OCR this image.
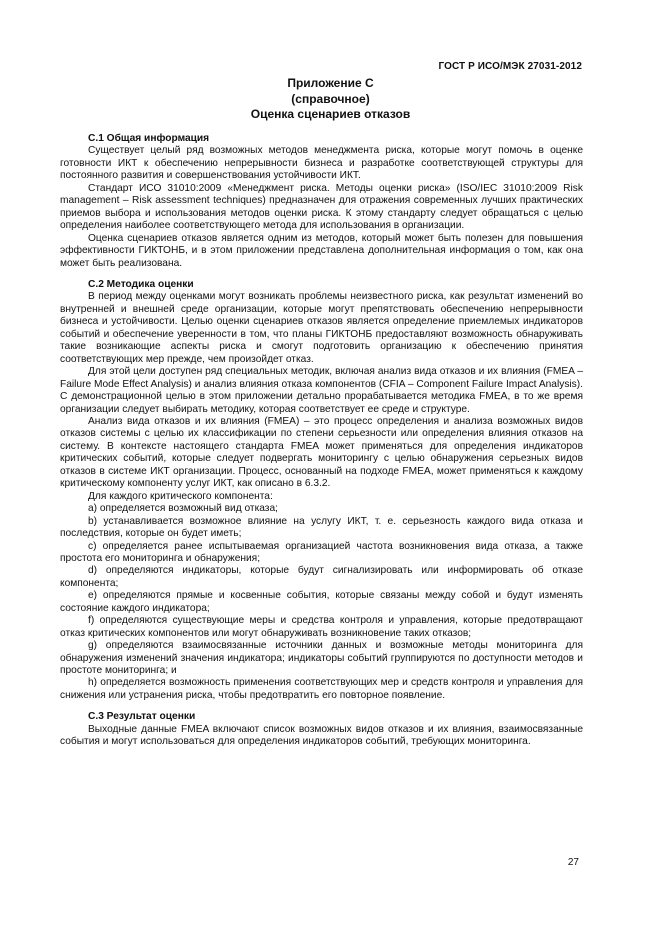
ГОСТ Р ИСО/МЭК 27031-2012
Приложение С
(справочное)
Оценка сценариев отказов
С.1 Общая информация

Существует целый ряд возможных методов менеджмента риска, которые могут помочь в оценке готовности ИКТ к обеспечению непрерывности бизнеса и разработке соответствующей структуры для постоянного развития и совершенствования устойчивости ИКТ.

Стандарт ИСО 31010:2009 «Менеджмент риска. Методы оценки риска» (ISO/IEC 31010:2009 Risk management – Risk assessment techniques) предназначен для отражения современных лучших практических приемов выбора и использования методов оценки риска. К этому стандарту следует обращаться с целью определения наиболее соответствующего метода для использования в организации.

Оценка сценариев отказов является одним из методов, который может быть полезен для повышения эффективности ГИКТОНБ, и в этом приложении представлена дополнительная информация о том, как она может быть реализована.

С.2 Методика оценки

В период между оценками могут возникать проблемы неизвестного риска, как результат изменений во внутренней и внешней среде организации, которые могут препятствовать обеспечению непрерывности бизнеса и устойчивости. Целью оценки сценариев отказов является определение приемлемых индикаторов событий и обеспечение уверенности в том, что планы ГИКТОНБ предоставляют возможность обнаруживать такие возникающие аспекты риска и смогут подготовить организацию к обеспечению принятия соответствующих мер прежде, чем произойдет отказ.

Для этой цели доступен ряд специальных методик, включая анализ вида отказов и их влияния (FMEA – Failure Mode Effect Analysis) и анализ влияния отказа компонентов (CFIA – Component Failure Impact Analysis). С демонстрационной целью в этом приложении детально прорабатывается методика FMEA, в то же время организации следует выбирать методику, которая соответствует ее среде и структуре.

Анализ вида отказов и их влияния (FMEA) – это процесс определения и анализа возможных видов отказов системы с целью их классификации по степени серьезности или определения влияния отказов на систему. В контексте настоящего стандарта FMEA может применяться для определения индикаторов критических событий, которые следует подвергать мониторингу с целью обнаружения серьезных видов отказов в системе ИКТ организации. Процесс, основанный на подходе FMEA, может применяться к каждому критическому компоненту услуг ИКТ, как описано в 6.3.2.

Для каждого критического компонента:

а) определяется возможный вид отказа;

b) устанавливается возможное влияние на услугу ИКТ, т. е. серьезность каждого вида отказа и последствия, которые он будет иметь;

c) определяется ранее испытываемая организацией частота возникновения вида отказа, а также простота его мониторинга и обнаружения;

d) определяются индикаторы, которые будут сигнализировать или информировать об отказе компонента;

e) определяются прямые и косвенные события, которые связаны между собой и будут изменять состояние каждого индикатора;

f) определяются существующие меры и средства контроля и управления, которые предотвращают отказ критических компонентов или могут обнаруживать возникновение таких отказов;

g) определяются взаимосвязанные источники данных и возможные методы мониторинга для обнаружения изменений значения индикатора; индикаторы событий группируются по доступности методов и простоте мониторинга; и

h) определяется возможность применения соответствующих мер и средств контроля и управления для снижения или устранения риска, чтобы предотвратить его повторное появление.

С.3 Результат оценки

Выходные данные FMEA включают список возможных видов отказов и их влияния, взаимосвязанные события и могут использоваться для определения индикаторов событий, требующих мониторинга.

27
